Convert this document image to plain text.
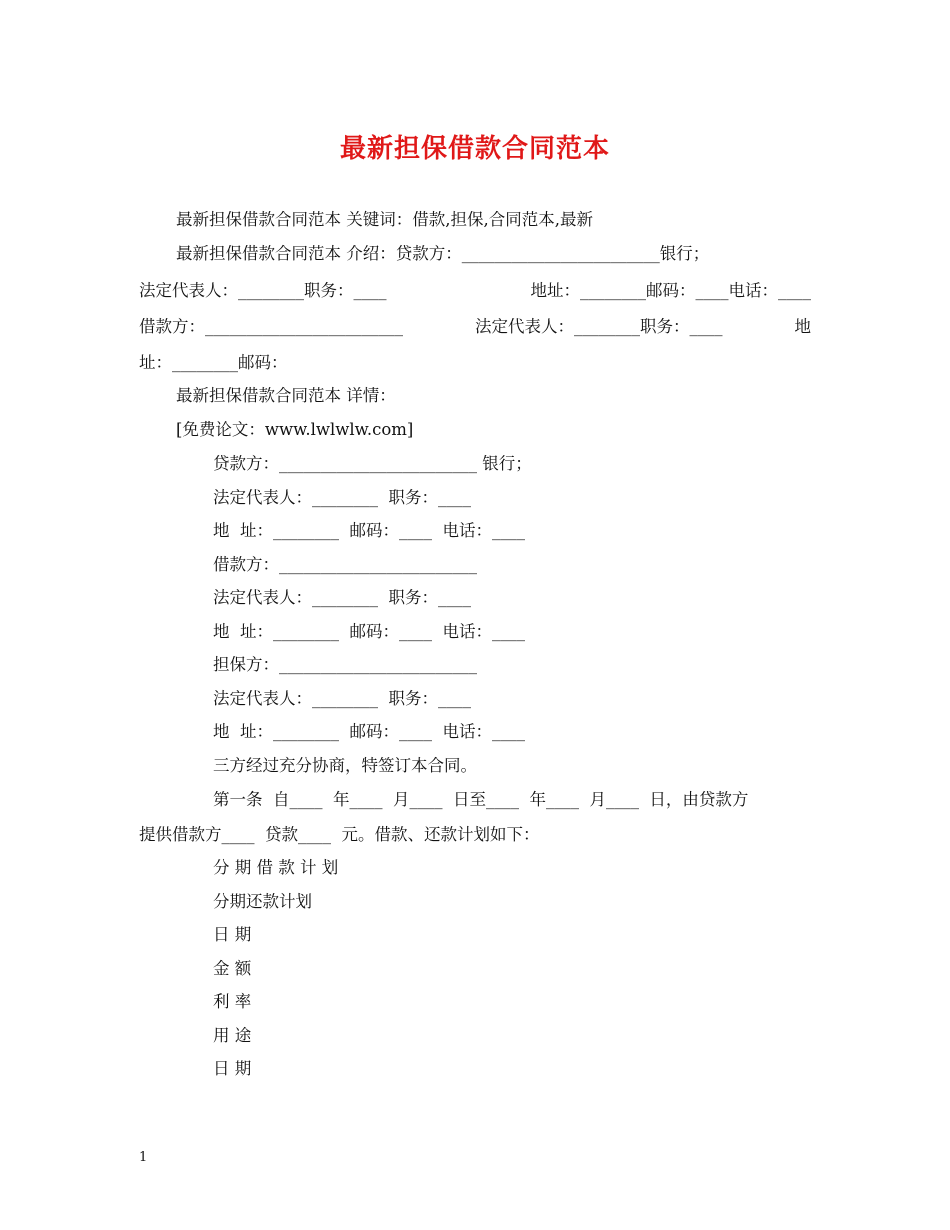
最新担保借款合同范本
最新担保借款合同范本 关键词：借款,担保,合同范本,最新
最新担保借款合同范本 介绍：贷款方：________________________银行；
法定代表人：________职务：____	地址：________邮码：____电话：____
借款方：________________________	法定代表人：________职务：____	地
址：________邮码：
最新担保借款合同范本 详情：
[免费论文：www.lwlwlw.com]
贷款方：________________________ 银行；
法定代表人：________  职务：____
地  址：________  邮码：____  电话：____
借款方：________________________
法定代表人：________  职务：____
地  址：________  邮码：____  电话：____
担保方：________________________
法定代表人：________  职务：____
地  址：________  邮码：____  电话：____
三方经过充分协商，特签订本合同。
第一条  自____  年____  月____  日至____  年____  月____  日，由贷款方
提供借款方____  贷款____  元。借款、还款计划如下：
分 期 借 款 计 划
分期还款计划
日 期
金 额
利 率
用 途
日 期
1
